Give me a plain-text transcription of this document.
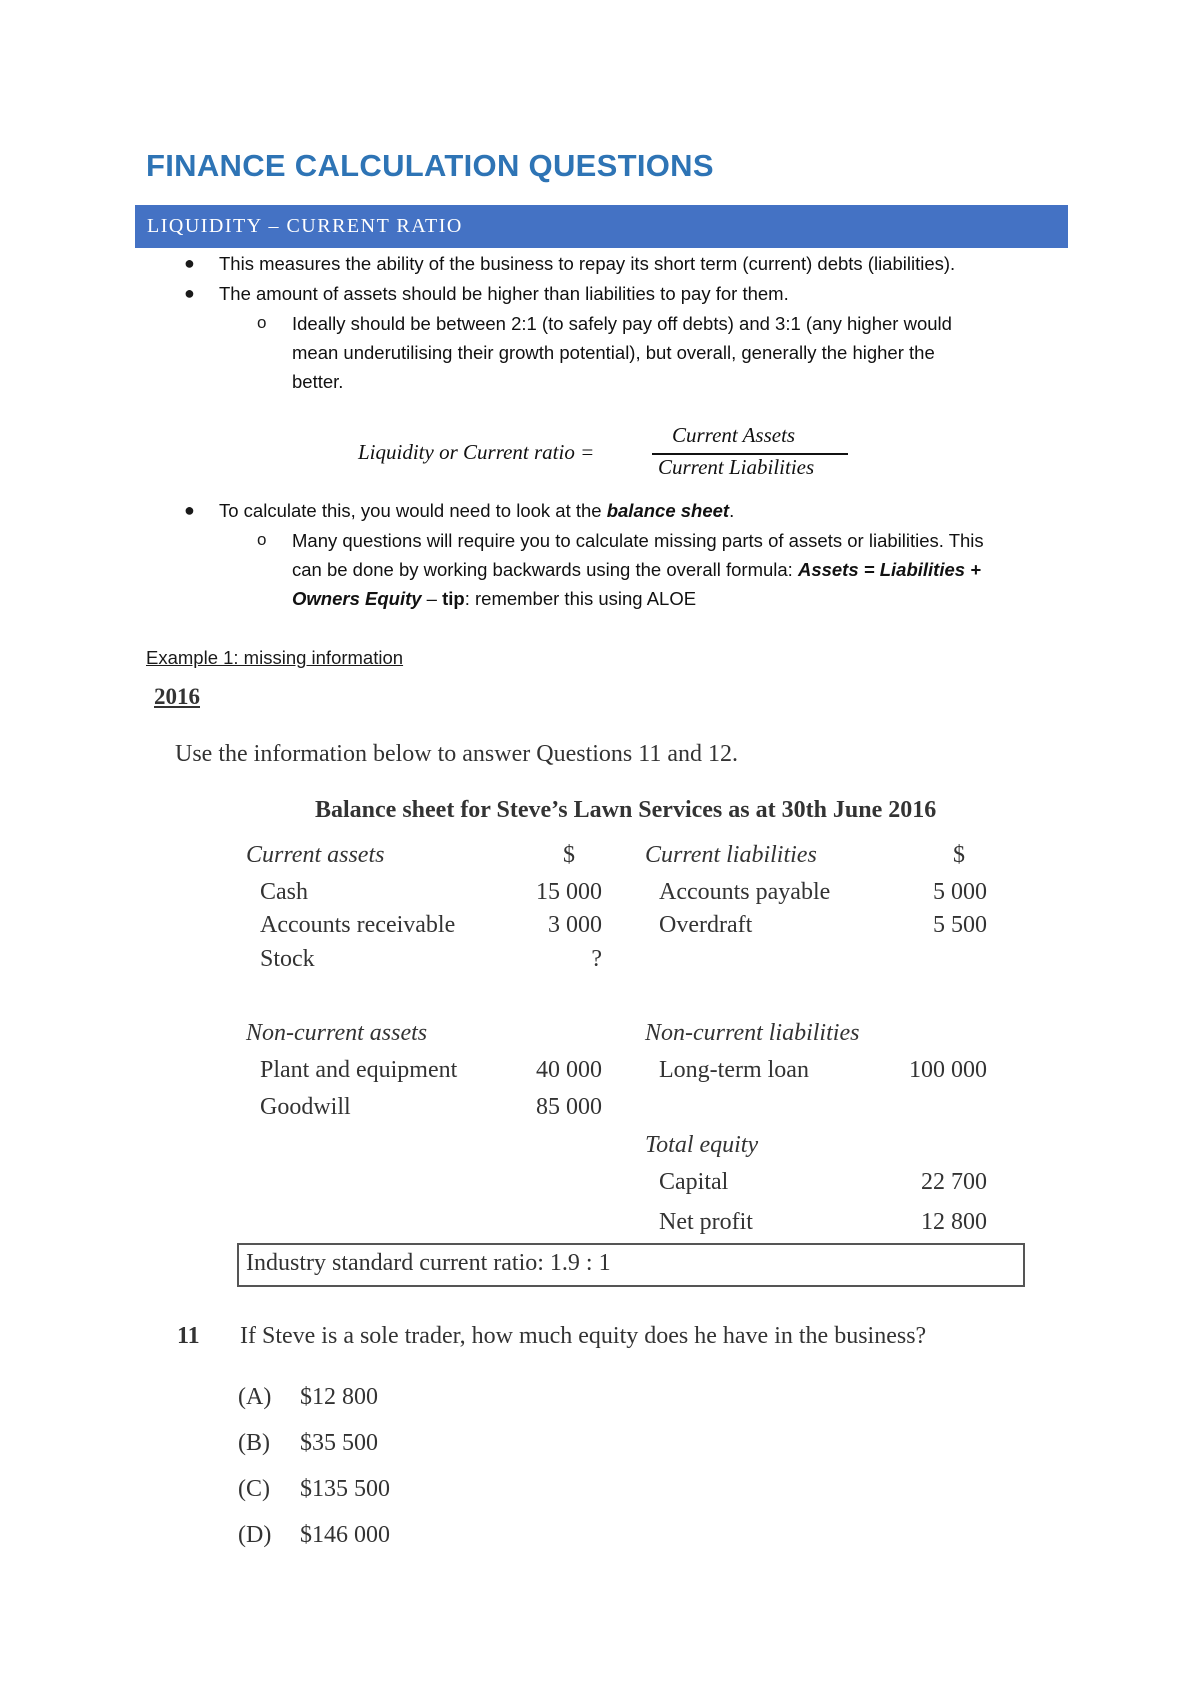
FINANCE CALCULATION QUESTIONS
LIQUIDITY – CURRENT RATIO
● This measures the ability of the business to repay its short term (current) debts (liabilities).
● The amount of assets should be higher than liabilities to pay for them.
o Ideally should be between 2:1 (to safely pay off debts) and 3:1 (any higher would
mean underutilising their growth potential), but overall, generally the higher the
better.
Liquidity or Current ratio =
Current Assets
Current Liabilities
● To calculate this, you would need to look at the balance sheet.
o Many questions will require you to calculate missing parts of assets or liabilities. This
can be done by working backwards using the overall formula: Assets = Liabilities +
Owners Equity – tip: remember this using ALOE
Example 1: missing information
2016
Use the information below to answer Questions 11 and 12.
Balance sheet for Steve’s Lawn Services as at 30th June 2016
Current assets	$
Cash	15 000
Accounts receivable	3 000
Stock	?
Current liabilities	$
Accounts payable	5 000
Overdraft	5 500
Non-current assets
Plant and equipment	40 000
Goodwill	85 000
Non-current liabilities
Long-term loan	100 000
Total equity
Capital	22 700
Net profit	12 800
Industry standard current ratio: 1.9 : 1
11 If Steve is a sole trader, how much equity does he have in the business?
(A) $12 800
(B) $35 500
(C) $135 500
(D) $146 000
